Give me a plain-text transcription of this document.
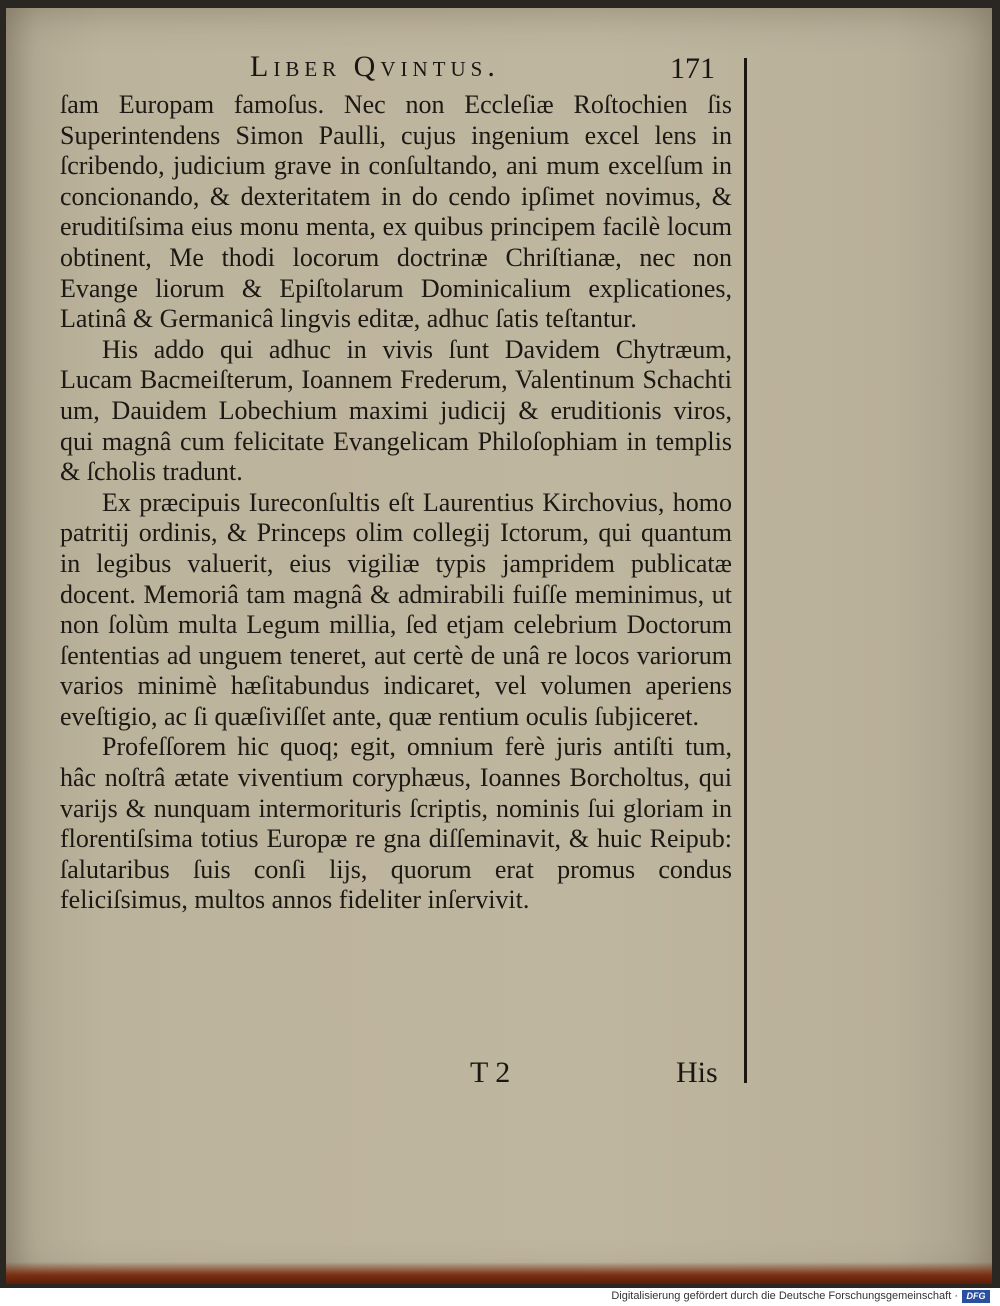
Liber Qvintus.	171

ſam Europam famoſus. Nec non Eccleſiæ Roſtochien ſis Superintendens Simon Paulli, cujus ingenium excel lens in ſcribendo, judicium grave in conſultando, ani mum excelſum in concionando, & dexteritatem in do cendo ipſimet novimus, & eruditiſsima eius monu menta, ex quibus principem facilè locum obtinent, Me thodi locorum doctrinæ Chriſtianæ, nec non Evange liorum & Epiſtolarum Dominicalium explicationes, Latinâ & Germanicâ lingvis editæ, adhuc ſatis teſtantur.

His addo qui adhuc in vivis ſunt Davidem Chytræum, Lucam Bacmeiſterum, Ioannem Frederum, Valentinum Schachti um, Dauidem Lobechium maximi judicij & eruditionis viros, qui magnâ cum felicitate Evangelicam Philoſophiam in templis & ſcholis tradunt.

Ex præcipuis Iureconſultis eſt Laurentius Kirchovius, homo patritij ordinis, & Princeps olim collegij Ictorum, qui quantum in legibus valuerit, eius vigiliæ typis jampridem publicatæ docent. Memoriâ tam magnâ & admirabili fuiſſe meminimus, ut non ſolùm multa Legum millia, ſed etjam celebrium Doctorum ſententias ad unguem teneret, aut certè de unâ re locos variorum varios minimè hæſitabundus indicaret, vel volumen aperiens eveſtigio, ac ſi quæſiviſſet ante, quæ rentium oculis ſubjiceret.

Profeſſorem hic quoq; egit, omnium ferè juris antiſti tum, hâc noſtrâ ætate viventium coryphæus, Ioannes Borcholtus, qui varijs & nunquam intermorituris ſcriptis, nominis ſui gloriam in florentiſsima totius Europæ re gna diſſeminavit, & huic Reipub: ſalutaribus ſuis conſi lijs, quorum erat promus condus feliciſsimus, multos annos fideliter inſervivit.

T 2	His
Digitalisierung gefördert durch die Deutsche Forschungsgemeinschaft · DFG
